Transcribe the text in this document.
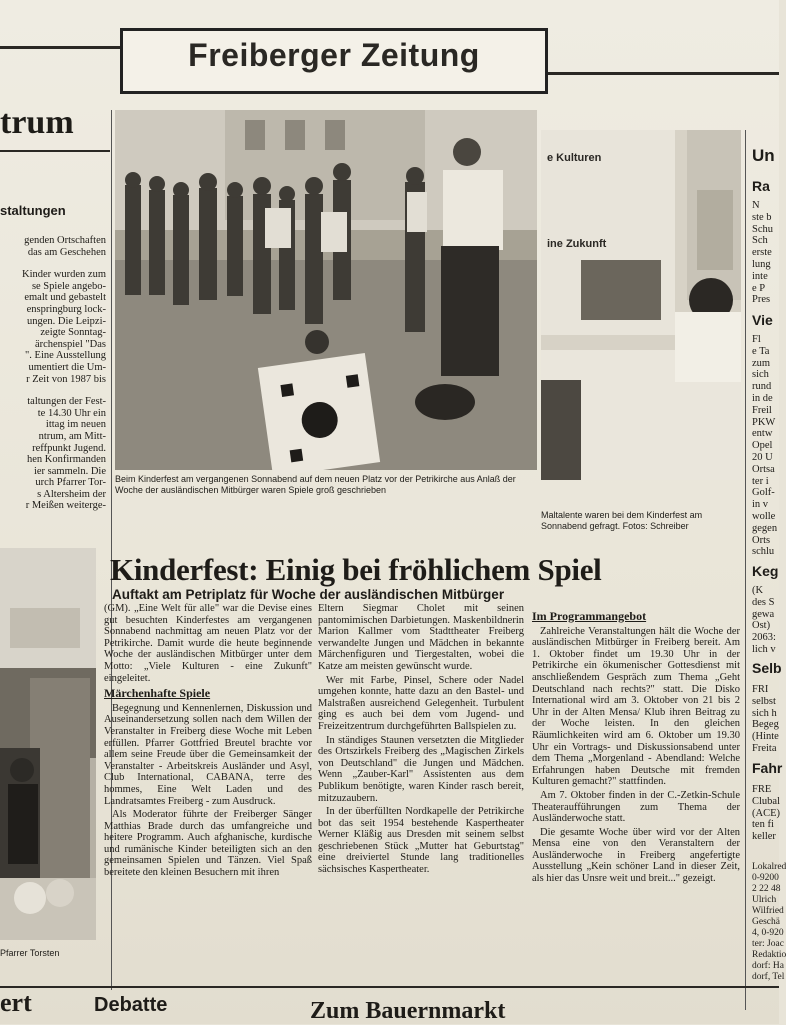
Freiberger Zeitung
trum
staltungen
genden Ortschaften
das am Geschehen
Kinder wurden zum
se Spiele angebo-
emalt und gebastelt
enspringburg lock-
ungen. Die Leipzi-
zeigte Sonntag-
ärchenspiel "Das
". Eine Ausstellung
umentiert die Um-
r Zeit von 1987 bis
taltungen der Fest-
te 14.30 Uhr ein
ittag im neuen
ntrum, am Mitt-
reffpunkt Jugend.
hen Konfirmanden
ier sammeln. Die
urch Pfarrer Tor-
s Altersheim der
r Meißen weiterge-
Pfarrer Torsten
ert
Beim Kinderfest am vergangenen Sonnabend auf dem neuen Platz vor der Petrikirche aus Anlaß der Woche der ausländischen Mitbürger waren Spiele groß geschrieben
e Kulturen
ine Zukunft
Maltalente waren bei dem Kinderfest am Sonnabend gefragt. Fotos: Schreiber
Kinderfest: Einig bei fröhlichem Spiel
Auftakt am Petriplatz für Woche der ausländischen Mitbürger

(GM). „Eine Welt für alle" war die Devise eines gut besuchten Kinderfestes am vergangenen Sonnabend nachmittag am neuen Platz vor der Petrikirche. Damit wurde die heute beginnende Woche der ausländischen Mitbürger unter dem Motto: „Viele Kulturen - eine Zukunft" eingeleitet.

Märchenhafte Spiele

Begegnung und Kennenlernen, Diskussion und Auseinandersetzung sollen nach dem Willen der Veranstalter in Freiberg diese Woche mit Leben erfüllen. Pfarrer Gottfried Breutel brachte vor allem seine Freude über die Gemeinsamkeit der Veranstalter - Arbeitskreis Ausländer und Asyl, Club International, CABANA, terre des hommes, Eine Welt Laden und des Landratsamtes Freiberg - zum Ausdruck.

Als Moderator führte der Freiberger Sänger Matthias Brade durch das umfangreiche und heitere Programm. Auch afghanische, kurdische und rumänische Kinder beteiligten sich an den gemeinsamen Spielen und Tänzen. Viel Spaß bereitete den kleinen Besuchern mit ihren

Eltern Siegmar Cholet mit seinen pantomimischen Darbietungen. Maskenbildnerin Marion Kallmer vom Stadttheater Freiberg verwandelte Jungen und Mädchen in bekannte Märchenfiguren und Tiergestalten, wobei die Katze am meisten gewünscht wurde.

Wer mit Farbe, Pinsel, Schere oder Nadel umgehen konnte, hatte dazu an den Bastel- und Malstraßen ausreichend Gelegenheit. Turbulent ging es auch bei dem vom Jugend- und Freizeitzentrum durchgeführten Ballspielen zu.

In ständiges Staunen versetzten die Mitglieder des Ortszirkels Freiberg des „Magischen Zirkels von Deutschland" die Jungen und Mädchen. Wenn „Zauber-Karl" Assistenten aus dem Publikum benötigte, waren Kinder rasch bereit, mitzuzaubern.

In der überfüllten Nordkapelle der Petrikirche bot das seit 1954 bestehende Kaspertheater Werner Kläßig aus Dresden mit seinem selbst geschriebenen Stück „Mutter hat Geburtstag" eine dreiviertel Stunde lang traditionelles sächsisches Kaspertheater.

Im Programmangebot

Zahlreiche Veranstaltungen hält die Woche der ausländischen Mitbürger in Freiberg bereit. Am 1. Oktober findet um 19.30 Uhr in der Petrikirche ein ökumenischer Gottesdienst mit anschließendem Gespräch zum Thema „Geht Deutschland nach rechts?" statt. Die Disko International wird am 3. Oktober von 21 bis 2 Uhr in der Alten Mensa/ Klub ihren Beitrag zu der Woche leisten. In den gleichen Räumlichkeiten wird am 6. Oktober um 19.30 Uhr ein Vortrags- und Diskussionsabend unter dem Thema „Morgenland - Abendland: Welche Erfahrungen haben Deutsche mit fremden Kulturen gemacht?" stattfinden.

Am 7. Oktober finden in der C.-Zetkin-Schule Theateraufführungen zum Thema der Ausländerwoche statt.

Die gesamte Woche über wird vor der Alten Mensa eine von den Veranstaltern der Ausländerwoche in Freiberg angefertigte Ausstellung „Kein schöner Land in dieser Zeit, als hier das Unsre weit und breit..." gezeigt.

Un
Ra
N
ste b
Schu
Sch
erste
lung
inte
e P
Pres
Vie
Fl
e Ta
zum
sich
rund
in de
Freil
PKW
entw
Opel
20 U
Ortsa
ter i
Golf-
in v
wolle
gegen
Orts
schlu
Keg
(K
des S
gewa
Ost)
2063:
lich v
Selb
FRI
selbst
sich h
Begeg
(Hinte
Freita
Fahr
FRE
Clubal
(ACE)
ten fi
keller
Lokalred
0-9200
2 22 48
Ulrich
Wilfried
Geschä
4, 0-920
ter: Joac
Redaktio
dorf: Ha
dorf, Tel
Debatte	Zum Bauernmarkt
